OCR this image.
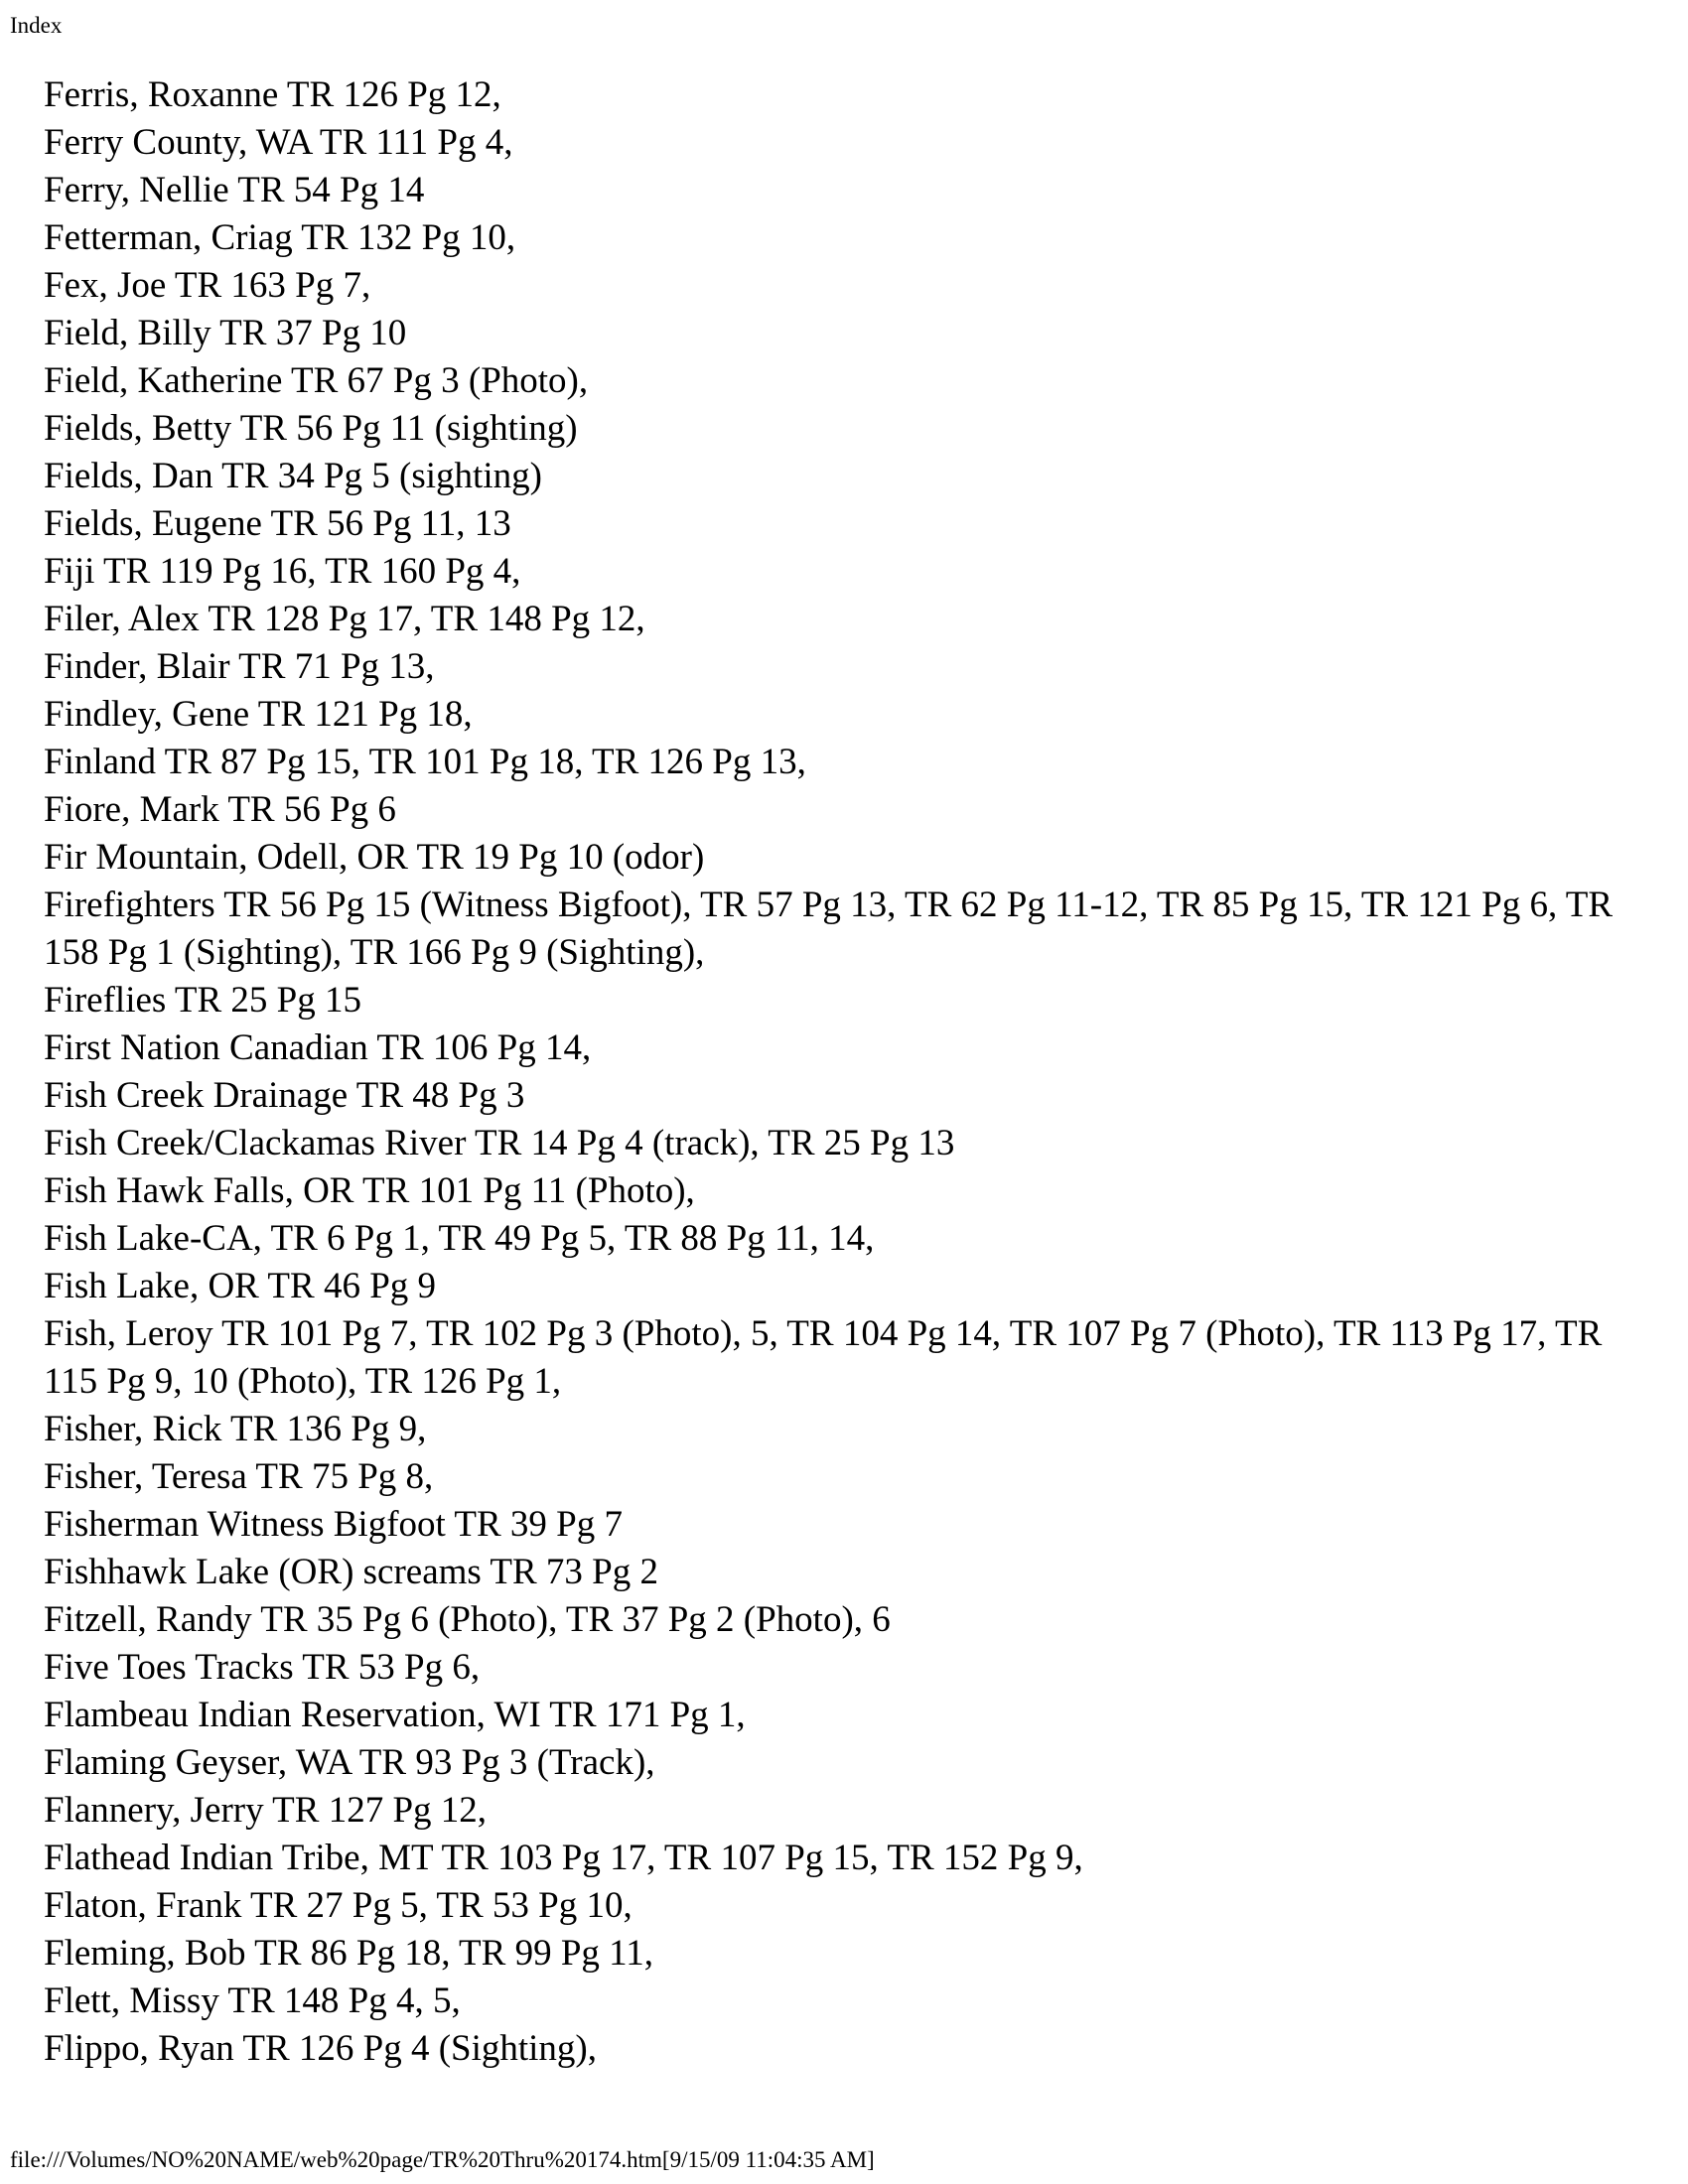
Index
Ferris, Roxanne TR 126 Pg 12,
Ferry County, WA TR 111 Pg 4,
Ferry, Nellie TR 54 Pg 14
Fetterman, Criag TR 132 Pg 10,
Fex, Joe TR 163 Pg 7,
Field, Billy TR 37 Pg 10
Field, Katherine TR 67 Pg 3 (Photo),
Fields, Betty TR 56 Pg 11 (sighting)
Fields, Dan TR 34 Pg 5 (sighting)
Fields, Eugene TR 56 Pg 11, 13
Fiji TR 119 Pg 16, TR 160 Pg 4,
Filer, Alex TR 128 Pg 17, TR 148 Pg 12,
Finder, Blair TR 71 Pg 13,
Findley, Gene TR 121 Pg 18,
Finland TR 87 Pg 15, TR 101 Pg 18, TR 126 Pg 13,
Fiore, Mark TR 56 Pg 6
Fir Mountain, Odell, OR TR 19 Pg 10 (odor)
Firefighters TR 56 Pg 15 (Witness Bigfoot), TR 57 Pg 13, TR 62 Pg 11-12, TR 85 Pg 15, TR 121 Pg 6, TR 158 Pg 1 (Sighting), TR 166 Pg 9 (Sighting),
Fireflies TR 25 Pg 15
First Nation Canadian TR 106 Pg 14,
Fish Creek Drainage TR 48 Pg 3
Fish Creek/Clackamas River TR 14 Pg 4 (track), TR 25 Pg 13
Fish Hawk Falls, OR TR 101 Pg 11 (Photo),
Fish Lake-CA, TR 6 Pg 1, TR 49 Pg 5, TR 88 Pg 11, 14,
Fish Lake, OR TR 46 Pg 9
Fish, Leroy TR 101 Pg 7, TR 102 Pg 3 (Photo), 5, TR 104 Pg 14, TR 107 Pg 7 (Photo), TR 113 Pg 17, TR 115 Pg 9, 10 (Photo), TR 126 Pg 1,
Fisher, Rick TR 136 Pg 9,
Fisher, Teresa TR 75 Pg 8,
Fisherman Witness Bigfoot TR 39 Pg 7
Fishhawk Lake (OR) screams TR 73 Pg 2
Fitzell, Randy TR 35 Pg 6 (Photo), TR 37 Pg 2 (Photo), 6
Five Toes Tracks TR 53 Pg 6,
Flambeau Indian Reservation, WI TR 171 Pg 1,
Flaming Geyser, WA TR 93 Pg 3 (Track),
Flannery, Jerry TR 127 Pg 12,
Flathead Indian Tribe, MT TR 103 Pg 17, TR 107 Pg 15, TR 152 Pg 9,
Flaton, Frank TR 27 Pg 5, TR 53 Pg 10,
Fleming, Bob TR 86 Pg 18, TR 99 Pg 11,
Flett, Missy TR 148 Pg 4, 5,
Flippo, Ryan TR 126 Pg 4 (Sighting),
file:///Volumes/NO%20NAME/web%20page/TR%20Thru%20174.htm[9/15/09 11:04:35 AM]
